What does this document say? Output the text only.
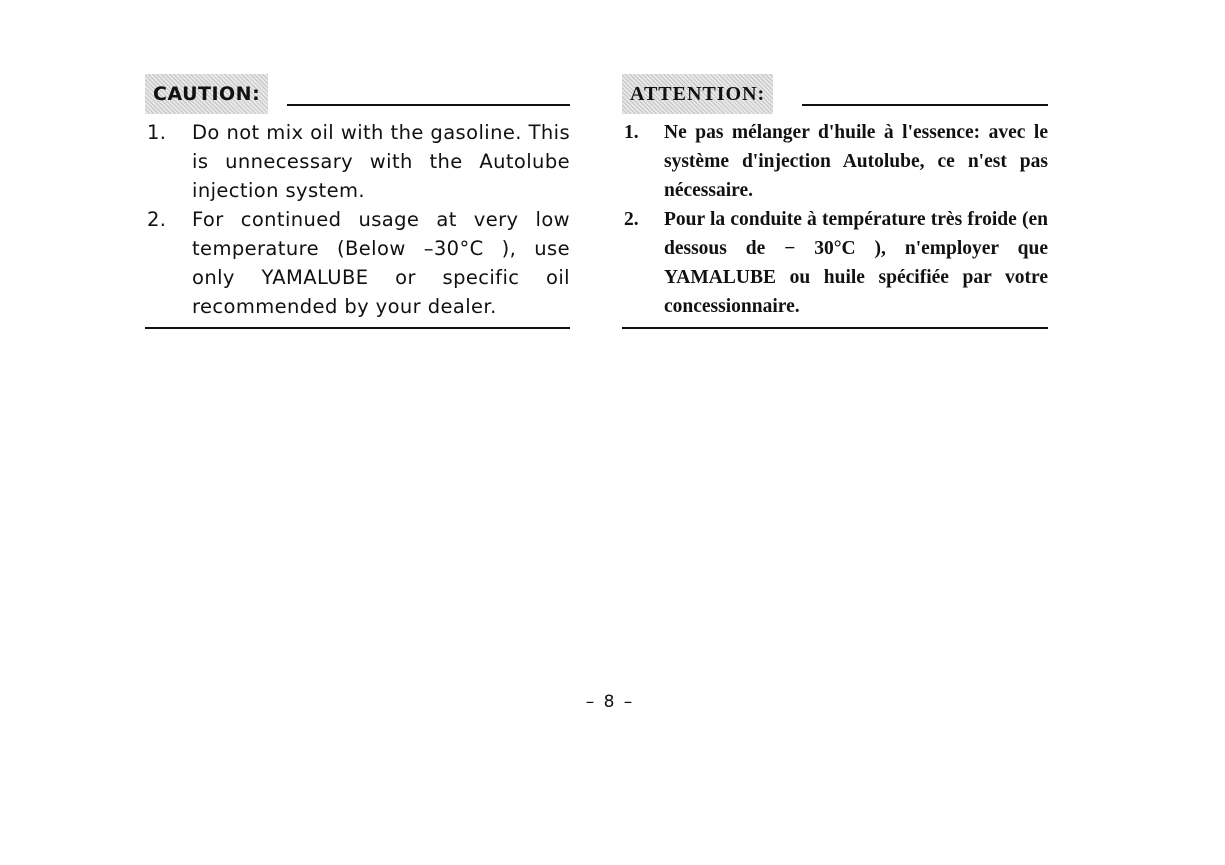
CAUTION:
1.	Do not mix oil with the gasoline. This is unnecessary with the Autolube injection system.
2.	For continued usage at very low temperature (Below –30°C ), use only YAMALUBE or specific oil recommended by your dealer.
ATTENTION:
1.	Ne pas mélanger d'huile à l'essence: avec le système d'injection Autolube, ce n'est pas nécessaire.
2.	Pour la conduite à température très froide (en dessous de − 30°C ), n'employer que YAMALUBE ou huile spécifiée par votre concessionnaire.
– 8 –
